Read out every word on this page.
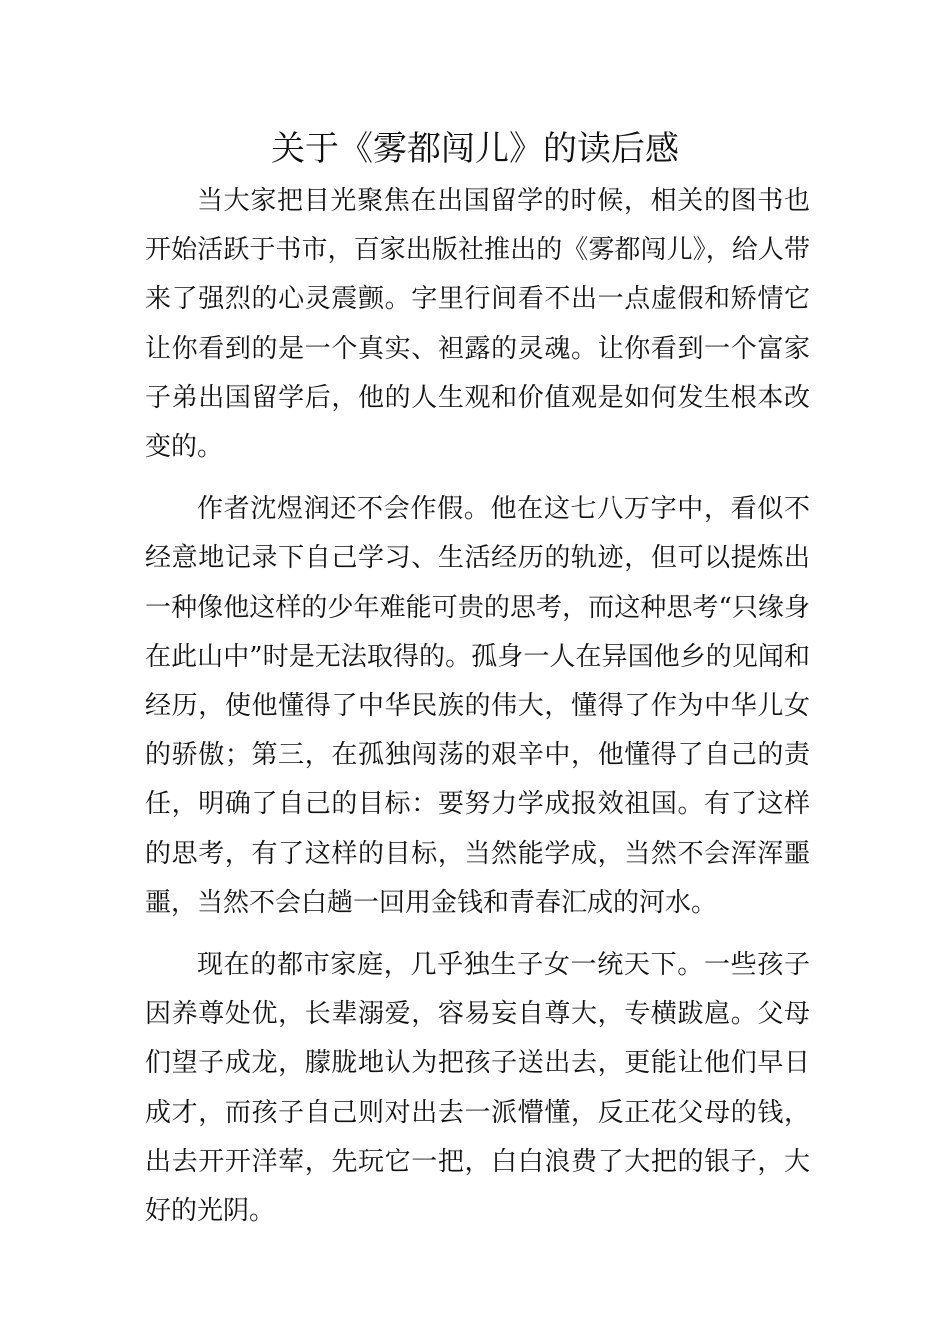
关于《雾都闯儿》的读后感

当大家把目光聚焦在出国留学的时候，相关的图书也开始活跃于书市，百家出版社推出的《雾都闯儿》，给人带来了强烈的心灵震颤。字里行间看不出一点虚假和矫情它让你看到的是一个真实、袒露的灵魂。让你看到一个富家子弟出国留学后，他的人生观和价值观是如何发生根本改变的。

作者沈煜润还不会作假。他在这七八万字中，看似不经意地记录下自己学习、生活经历的轨迹，但可以提炼出一种像他这样的少年难能可贵的思考，而这种思考“只缘身在此山中”时是无法取得的。孤身一人在异国他乡的见闻和经历，使他懂得了中华民族的伟大，懂得了作为中华儿女的骄傲；第三，在孤独闯荡的艰辛中，他懂得了自己的责任，明确了自己的目标：要努力学成报效祖国。有了这样的思考，有了这样的目标，当然能学成，当然不会浑浑噩噩，当然不会白趟一回用金钱和青春汇成的河水。

现在的都市家庭，几乎独生子女一统天下。一些孩子因养尊处优，长辈溺爱，容易妄自尊大，专横跋扈。父母们望子成龙，朦胧地认为把孩子送出去，更能让他们早日成才，而孩子自己则对出去一派懵懂，反正花父母的钱，出去开开洋荤，先玩它一把，白白浪费了大把的银子，大好的光阴。
